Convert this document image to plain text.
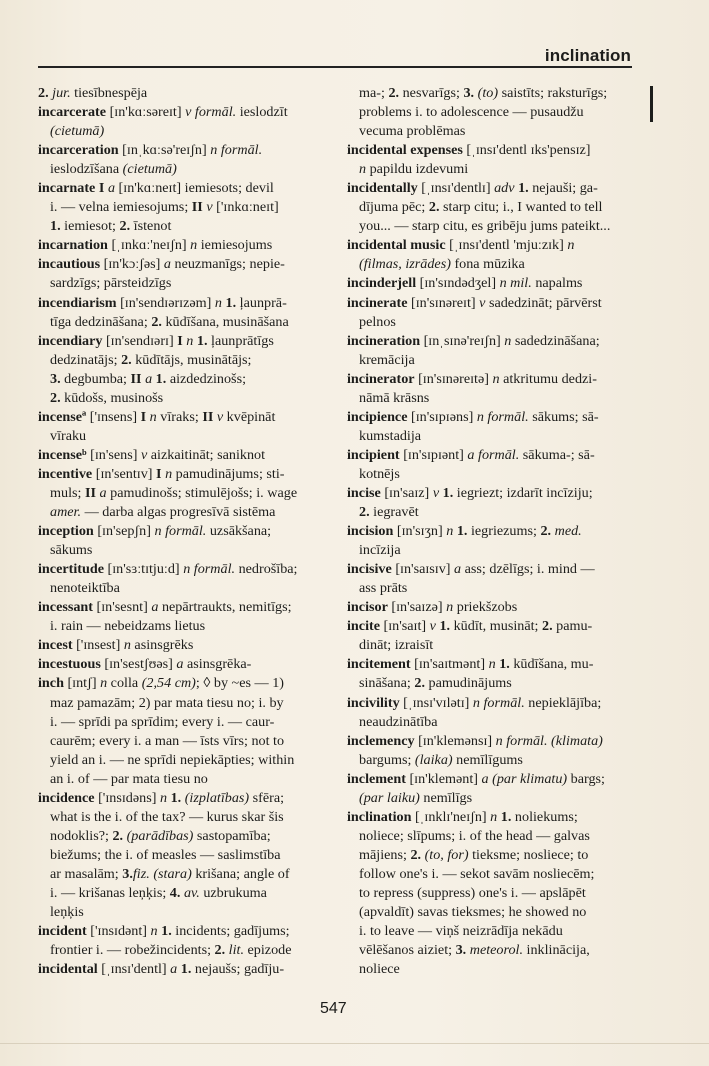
inclination
2. jur. tiesībnespēja
incarcerate [ɪn'kɑːsəreɪt] v formāl. ieslodzīt
(cietumā)
incarceration [ɪnˌkɑːsə'reɪʃn] n formāl.
ieslodzīšana (cietumā)
incarnate I a [ɪn'kɑːneɪt] iemiesots; devil
i. — velna iemiesojums; II v ['ɪnkɑːneɪt]
1. iemiesot; 2. īstenot
incarnation [ˌɪnkɑː'neɪʃn] n iemiesojums
incautious [ɪn'kɔːʃəs] a neuzmanīgs; nepie-
sardzīgs; pārsteidzīgs
incendiarism [ɪn'sendɪərɪzəm] n 1. ļaunprā-
tīga dedzināšana; 2. kūdīšana, musināšana
incendiary [ɪn'sendɪərɪ] I n 1. ļaunprātīgs
dedzinatājs; 2. kūdītājs, musinātājs;
3. degbumba; II a 1. aizdedzinošs;
2. kūdošs, musinošs
incenseª ['ɪnsens] I n vīraks; II v kvēpināt
vīraku
incenseᵇ [ɪn'sens] v aizkaitināt; saniknot
incentive [ɪn'sentɪv] I n pamudinājums; sti-
muls; II a pamudinošs; stimulējošs; i. wage
amer. — darba algas progresīvā sistēma
inception [ɪn'sepʃn] n formāl. uzsākšana;
sākums
incertitude [ɪn'sɜːtɪtjuːd] n formāl. nedrošība;
nenoteiktība
incessant [ɪn'sesnt] a nepārtraukts, nemitīgs;
i. rain — nebeidzams lietus
incest ['ɪnsest] n asinsgrēks
incestuous [ɪn'sestʃʊəs] a asinsgrēka-
inch [ɪntʃ] n colla (2,54 cm); ◊ by ~es — 1)
maz pamazām; 2) par mata tiesu no; i. by
i. — sprīdi pa sprīdim; every i. — caur-
caurēm; every i. a man — īsts vīrs; not to
yield an i. — ne sprīdi nepiekāpties; within
an i. of — par mata tiesu no
incidence ['ɪnsɪdəns] n 1. (izplatības) sfēra;
what is the i. of the tax? — kurus skar šis
nodoklis?; 2. (parādības) sastopamība;
biežums; the i. of measles — saslimstība
ar masalām; 3.fiz. (stara) krišana; angle of
i. — krišanas leņķis; 4. av. uzbrukuma
leņķis
incident ['ɪnsɪdənt] n 1. incidents; gadījums;
frontier i. — robežincidents; 2. lit. epizode
incidental [ˌɪnsɪ'dentl] a 1. nejaušs; gadīju-
ma-; 2. nesvarīgs; 3. (to) saistīts; raksturīgs;
problems i. to adolescence — pusaudžu
vecuma problēmas
incidental expenses [ˌɪnsɪ'dentl ɪks'pensɪz]
n papildu izdevumi
incidentally [ˌɪnsɪ'dentlɪ] adv 1. nejauši; ga-
dījuma pēc; 2. starp citu; i., I wanted to tell
you... — starp citu, es gribēju jums pateikt...
incidental music [ˌɪnsɪ'dentl 'mjuːzɪk] n
(filmas, izrādes) fona mūzika
incinderjell [ɪn'sɪndədʒel] n mil. napalms
incinerate [ɪn'sɪnəreɪt] v sadedzināt; pārvērst
pelnos
incineration [ɪnˌsɪnə'reɪʃn] n sadedzināšana;
kremācija
incinerator [ɪn'sɪnəreɪtə] n atkritumu dedzi-
nāmā krāsns
incipience [ɪn'sɪpɪəns] n formāl. sākums; sā-
kumstadija
incipient [ɪn'sɪpɪənt] a formāl. sākuma-; sā-
kotnējs
incise [ɪn'saɪz] v 1. iegriezt; izdarīt incīziju;
2. iegravēt
incision [ɪn'sɪʒn] n 1. iegriezums; 2. med.
incīzija
incisive [ɪn'saɪsɪv] a ass; dzēlīgs; i. mind —
ass prāts
incisor [ɪn'saɪzə] n priekšzobs
incite [ɪn'saɪt] v 1. kūdīt, musināt; 2. pamu-
dināt; izraisīt
incitement [ɪn'saɪtmənt] n 1. kūdīšana, mu-
sināšana; 2. pamudinājums
incivility [ˌɪnsɪ'vɪlətɪ] n formāl. nepieklājība;
neaudzinātība
inclemency [ɪn'klemənsɪ] n formāl. (klimata)
bargums; (laika) nemīlīgums
inclement [ɪn'klemənt] a (par klimatu) bargs;
(par laiku) nemīlīgs
inclination [ˌɪnklɪ'neɪʃn] n 1. noliekums;
noliece; slīpums; i. of the head — galvas
mājiens; 2. (to, for) tieksme; nosliece; to
follow one's i. — sekot savām nosliecēm;
to repress (suppress) one's i. — apslāpēt
(apvaldīt) savas tieksmes; he showed no
i. to leave — viņš neizrādīja nekādu
vēlēšanos aiziet; 3. meteorol. inklinācija,
noliece
547
